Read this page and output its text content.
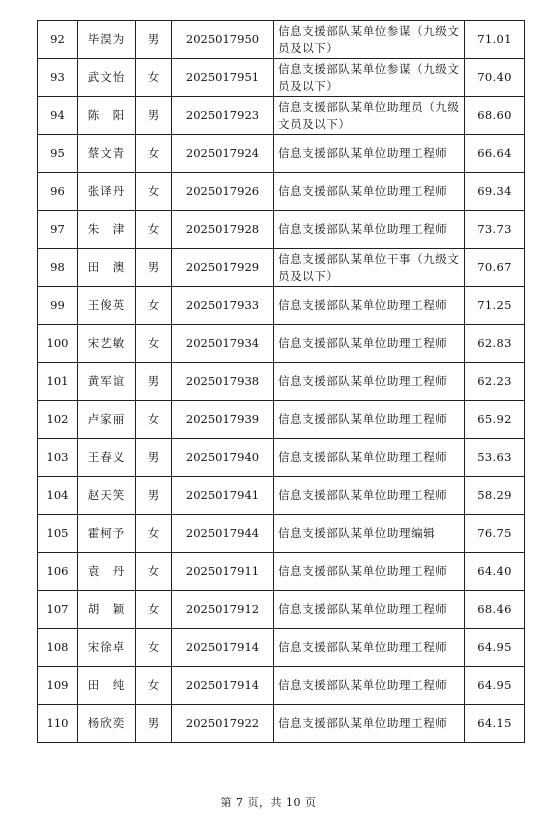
92	毕淏为	男	2025017950	信息支援部队某单位参谋（九级文员及以下）	71.01
93	武文怡	女	2025017951	信息支援部队某单位参谋（九级文员及以下）	70.40
94	陈　阳	男	2025017923	信息支援部队某单位助理员（九级文员及以下）	68.60
95	蔡文青	女	2025017924	信息支援部队某单位助理工程师	66.64
96	张译丹	女	2025017926	信息支援部队某单位助理工程师	69.34
97	朱　津	女	2025017928	信息支援部队某单位助理工程师	73.73
98	田　澳	男	2025017929	信息支援部队某单位干事（九级文员及以下）	70.67
99	王俊英	女	2025017933	信息支援部队某单位助理工程师	71.25
100	宋艺敏	女	2025017934	信息支援部队某单位助理工程师	62.83
101	黄军谊	男	2025017938	信息支援部队某单位助理工程师	62.23
102	卢家丽	女	2025017939	信息支援部队某单位助理工程师	65.92
103	王春义	男	2025017940	信息支援部队某单位助理工程师	53.63
104	赵天笑	男	2025017941	信息支援部队某单位助理工程师	58.29
105	霍柯予	女	2025017944	信息支援部队某单位助理编辑	76.75
106	袁　丹	女	2025017911	信息支援部队某单位助理工程师	64.40
107	胡　颖	女	2025017912	信息支援部队某单位助理工程师	68.46
108	宋徐卓	女	2025017914	信息支援部队某单位助理工程师	64.95
109	田　纯	女	2025017914	信息支援部队某单位助理工程师	64.95
110	杨欣奕	男	2025017922	信息支援部队某单位助理工程师	64.15
第 7 页，共 10 页
